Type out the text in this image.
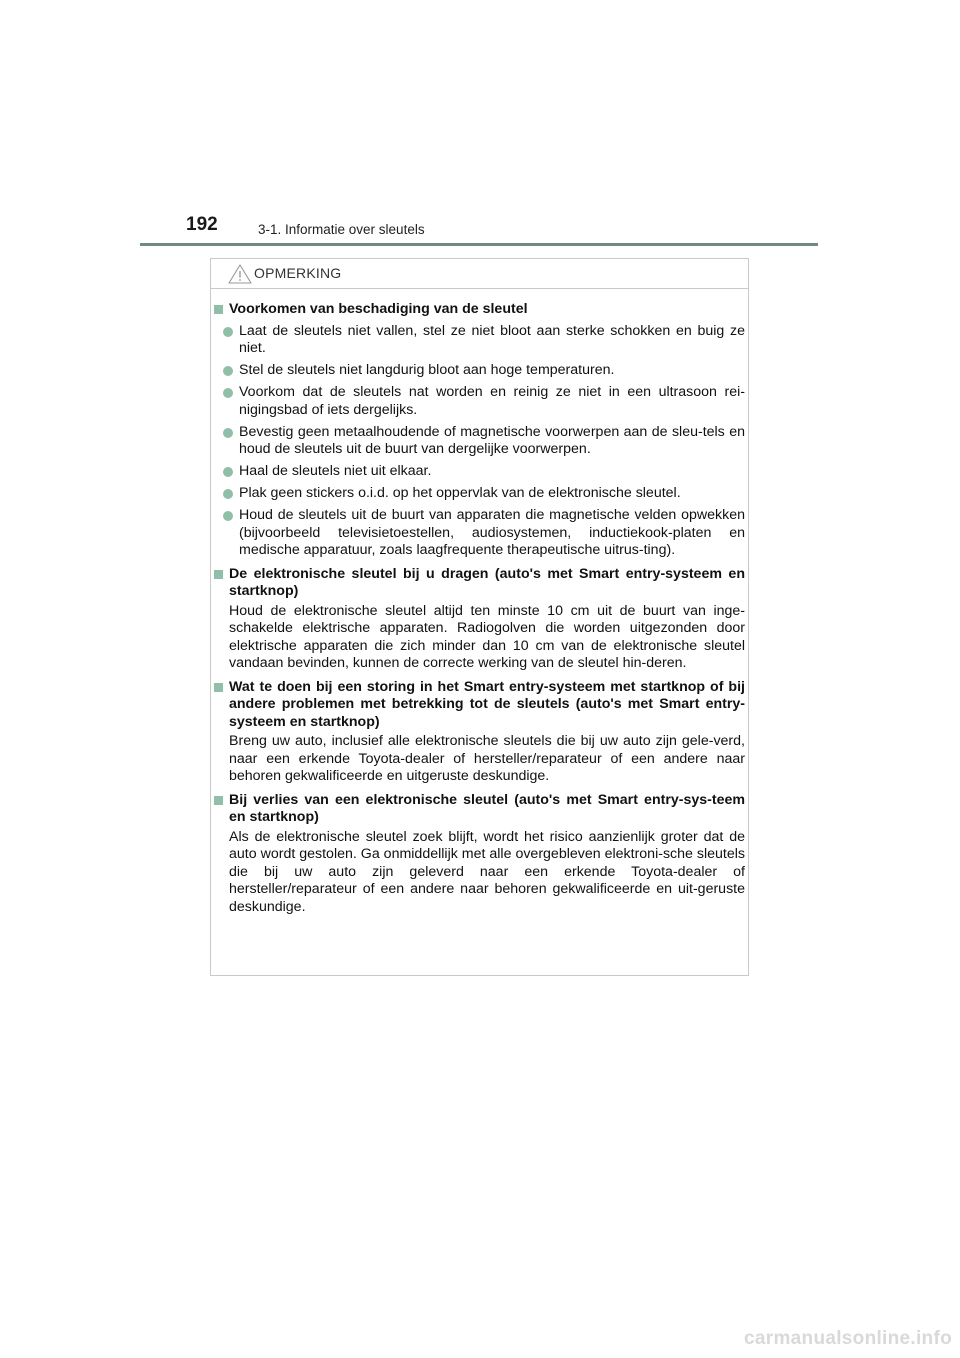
192	3-1. Informatie over sleutels
OPMERKING
Voorkomen van beschadiging van de sleutel
Laat de sleutels niet vallen, stel ze niet bloot aan sterke schokken en buig ze niet.
Stel de sleutels niet langdurig bloot aan hoge temperaturen.
Voorkom dat de sleutels nat worden en reinig ze niet in een ultrasoon rei-nigingsbad of iets dergelijks.
Bevestig geen metaalhoudende of magnetische voorwerpen aan de sleu-tels en houd de sleutels uit de buurt van dergelijke voorwerpen.
Haal de sleutels niet uit elkaar.
Plak geen stickers o.i.d. op het oppervlak van de elektronische sleutel.
Houd de sleutels uit de buurt van apparaten die magnetische velden opwekken (bijvoorbeeld televisietoestellen, audiosystemen, inductiekook-platen en medische apparatuur, zoals laagfrequente therapeutische uitrus-ting).
De elektronische sleutel bij u dragen (auto's met Smart entry-systeem en startknop)
Houd de elektronische sleutel altijd ten minste 10 cm uit de buurt van inge-schakelde elektrische apparaten. Radiogolven die worden uitgezonden door elektrische apparaten die zich minder dan 10 cm van de elektronische sleutel vandaan bevinden, kunnen de correcte werking van de sleutel hin-deren.
Wat te doen bij een storing in het Smart entry-systeem met startknop of bij andere problemen met betrekking tot de sleutels (auto's met Smart entry-systeem en startknop)
Breng uw auto, inclusief alle elektronische sleutels die bij uw auto zijn gele-verd, naar een erkende Toyota-dealer of hersteller/reparateur of een andere naar behoren gekwalificeerde en uitgeruste deskundige.
Bij verlies van een elektronische sleutel (auto's met Smart entry-sys-teem en startknop)
Als de elektronische sleutel zoek blijft, wordt het risico aanzienlijk groter dat de auto wordt gestolen. Ga onmiddellijk met alle overgebleven elektroni-sche sleutels die bij uw auto zijn geleverd naar een erkende Toyota-dealer of hersteller/reparateur of een andere naar behoren gekwalificeerde en uit-geruste deskundige.
carmanualsonline.info
